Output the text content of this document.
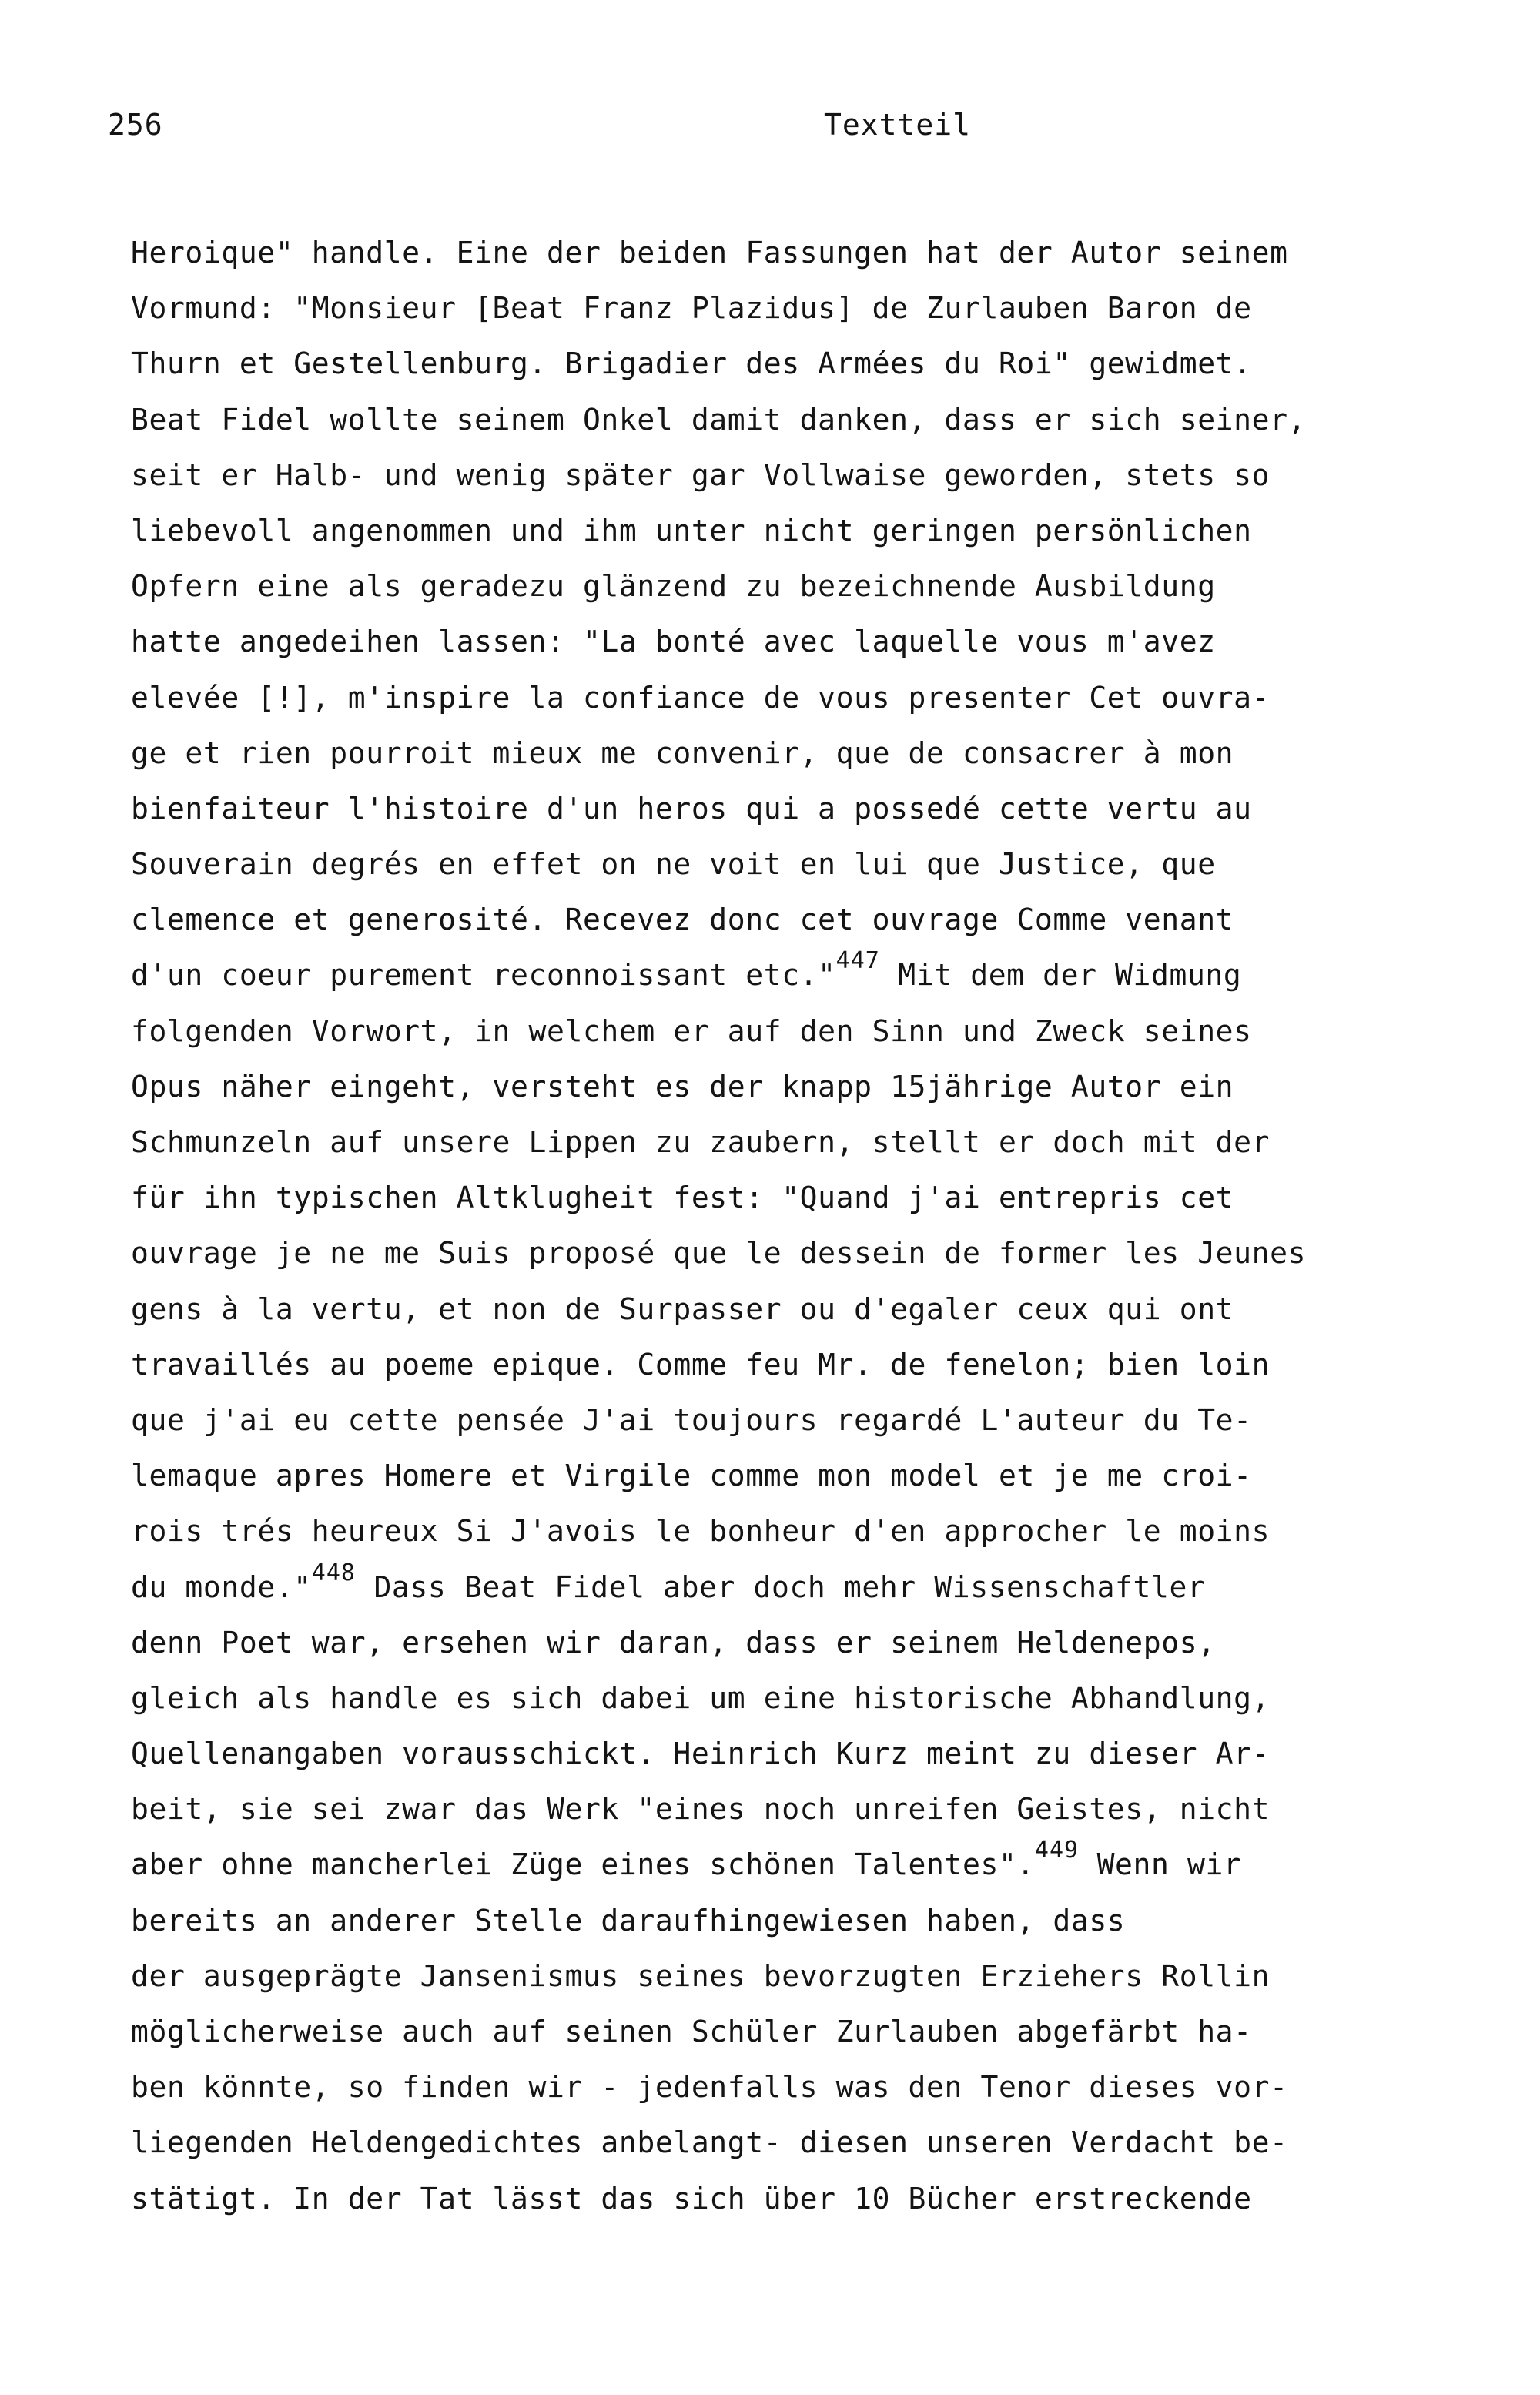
256	Textteil
Heroique" handle. Eine der beiden Fassungen hat der Autor seinem
Vormund: "Monsieur [Beat Franz Plazidus] de Zurlauben Baron de
Thurn et Gestellenburg. Brigadier des Armées du Roi" gewidmet.
Beat Fidel wollte seinem Onkel damit danken, dass er sich seiner,
seit er Halb- und wenig später gar Vollwaise geworden, stets so
liebevoll angenommen und ihm unter nicht geringen persönlichen
Opfern eine als geradezu glänzend zu bezeichnende Ausbildung
hatte angedeihen lassen: "La bonté avec laquelle vous m'avez
elevée [!], m'inspire la confiance de vous presenter Cet ouvra-
ge et rien pourroit mieux me convenir, que de consacrer à mon
bienfaiteur l'histoire d'un heros qui a possedé cette vertu au
Souverain degrés en effet on ne voit en lui que Justice, que
clemence et generosité. Recevez donc cet ouvrage Comme venant
d'un coeur purement reconnoissant etc."$^{447}$ Mit dem der Widmung
folgenden Vorwort, in welchem er auf den Sinn und Zweck seines
Opus näher eingeht, versteht es der knapp 15jährige Autor ein
Schmunzeln auf unsere Lippen zu zaubern, stellt er doch mit der
für ihn typischen Altklugheit fest: "Quand j'ai entrepris cet
ouvrage je ne me Suis proposé que le dessein de former les Jeunes
gens à la vertu, et non de Surpasser ou d'egaler ceux qui ont
travaillés au poeme epique. Comme feu Mr. de fenelon; bien loin
que j'ai eu cette pensée J'ai toujours regardé L'auteur du Te-
lemaque apres Homere et Virgile comme mon model et je me croi-
rois trés heureux Si J'avois le bonheur d'en approcher le moins
du monde."$^{448}$ Dass Beat Fidel aber doch mehr Wissenschaftler
denn Poet war, ersehen wir daran, dass er seinem Heldenepos,
gleich als handle es sich dabei um eine historische Abhandlung,
Quellenangaben vorausschickt. Heinrich Kurz meint zu dieser Ar-
beit, sie sei zwar das Werk "eines noch unreifen Geistes, nicht
aber ohne mancherlei Züge eines schönen Talentes".$^{449}$ Wenn wir
bereits an anderer Stelle daraufhingewiesen haben, dass
der ausgeprägte Jansenismus seines bevorzugten Erziehers Rollin
möglicherweise auch auf seinen Schüler Zurlauben abgefärbt ha-
ben könnte, so finden wir - jedenfalls was den Tenor dieses vor-
liegenden Heldengedichtes anbelangt- diesen unseren Verdacht be-
stätigt. In der Tat lässt das sich über 10 Bücher erstreckende
